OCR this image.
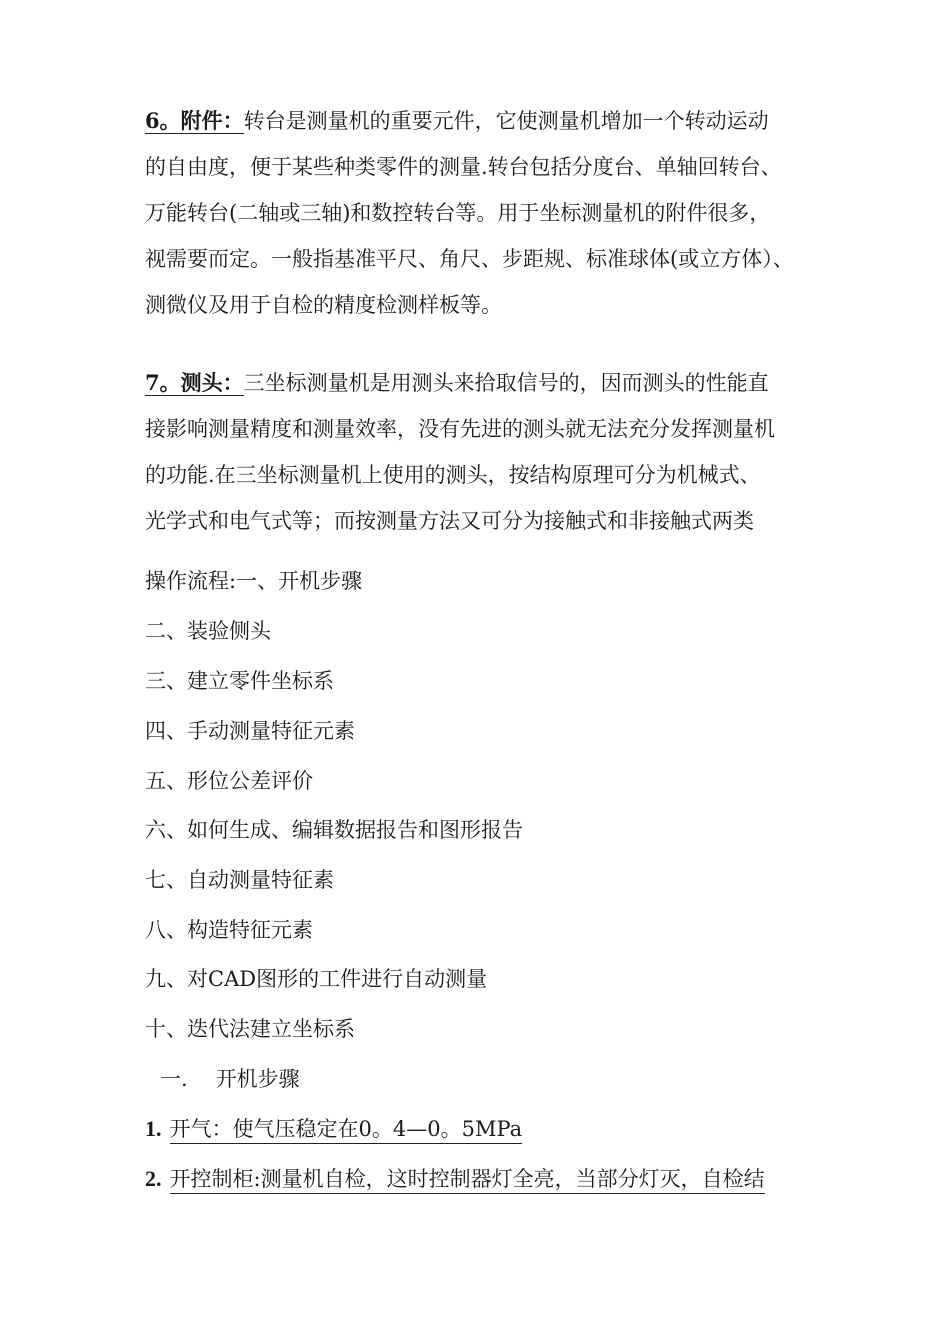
6。附件：转台是测量机的重要元件，它使测量机增加一个转动运动
的自由度，便于某些种类零件的测量.转台包括分度台、单轴回转台、
万能转台(二轴或三轴)和数控转台等。用于坐标测量机的附件很多，
视需要而定。一般指基准平尺、角尺、步距规、标准球体(或立方体）、
测微仪及用于自检的精度检测样板等。
7。测头：三坐标测量机是用测头来拾取信号的，因而测头的性能直
接影响测量精度和测量效率，没有先进的测头就无法充分发挥测量机
的功能.在三坐标测量机上使用的测头，按结构原理可分为机械式、
光学式和电气式等；而按测量方法又可分为接触式和非接触式两类
操作流程:一、开机步骤
二、装验侧头
三、建立零件坐标系
四、手动测量特征元素
五、形位公差评价
六、如何生成、编辑数据报告和图形报告
七、自动测量特征素
八、构造特征元素
九、对CAD图形的工件进行自动测量
十、迭代法建立坐标系
一. 开机步骤
1. 开气：使气压稳定在0。4—0。5MPa
2. 开控制柜:测量机自检，这时控制器灯全亮，当部分灯灭，自检结
